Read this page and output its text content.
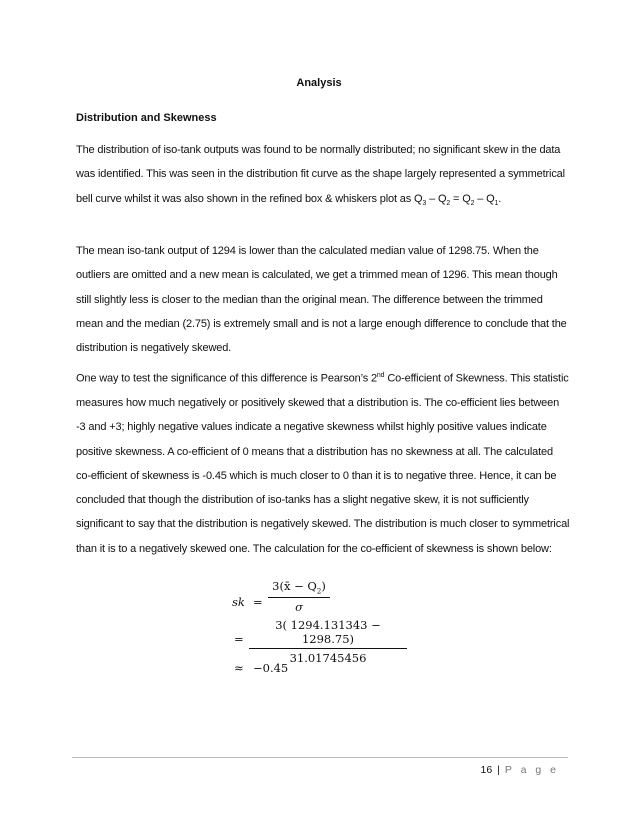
Analysis
Distribution and Skewness
The distribution of iso-tank outputs was found to be normally distributed; no significant skew in the data was identified. This was seen in the distribution fit curve as the shape largely represented a symmetrical bell curve whilst it was also shown in the refined box & whiskers plot as $Q_3 - Q_2 = Q_2 - Q_1$.
The mean iso-tank output of 1294 is lower than the calculated median value of 1298.75. When the outliers are omitted and a new mean is calculated, we get a trimmed mean of 1296. This mean though still slightly less is closer to the median than the original mean. The difference between the trimmed mean and the median (2.75) is extremely small and is not a large enough difference to conclude that the distribution is negatively skewed.
One way to test the significance of this difference is Pearson’s 2nd Co-efficient of Skewness. This statistic measures how much negatively or positively skewed that a distribution is. The co-efficient lies between -3 and +3; highly negative values indicate a negative skewness whilst highly positive values indicate positive skewness. A co-efficient of 0 means that a distribution has no skewness at all. The calculated co-efficient of skewness is -0.45 which is much closer to 0 than it is to negative three. Hence, it can be concluded that though the distribution of iso-tanks has a slight negative skew, it is not sufficiently significant to say that the distribution is negatively skewed. The distribution is much closer to symmetrical than it is to a negatively skewed one. The calculation for the co-efficient of skewness is shown below:
sk =
3(x̄ − $Q_2$)
σ
=
3( 1294.131343 − 1298.75)
31.01745456
≈ −0.45
16 | P a g e
